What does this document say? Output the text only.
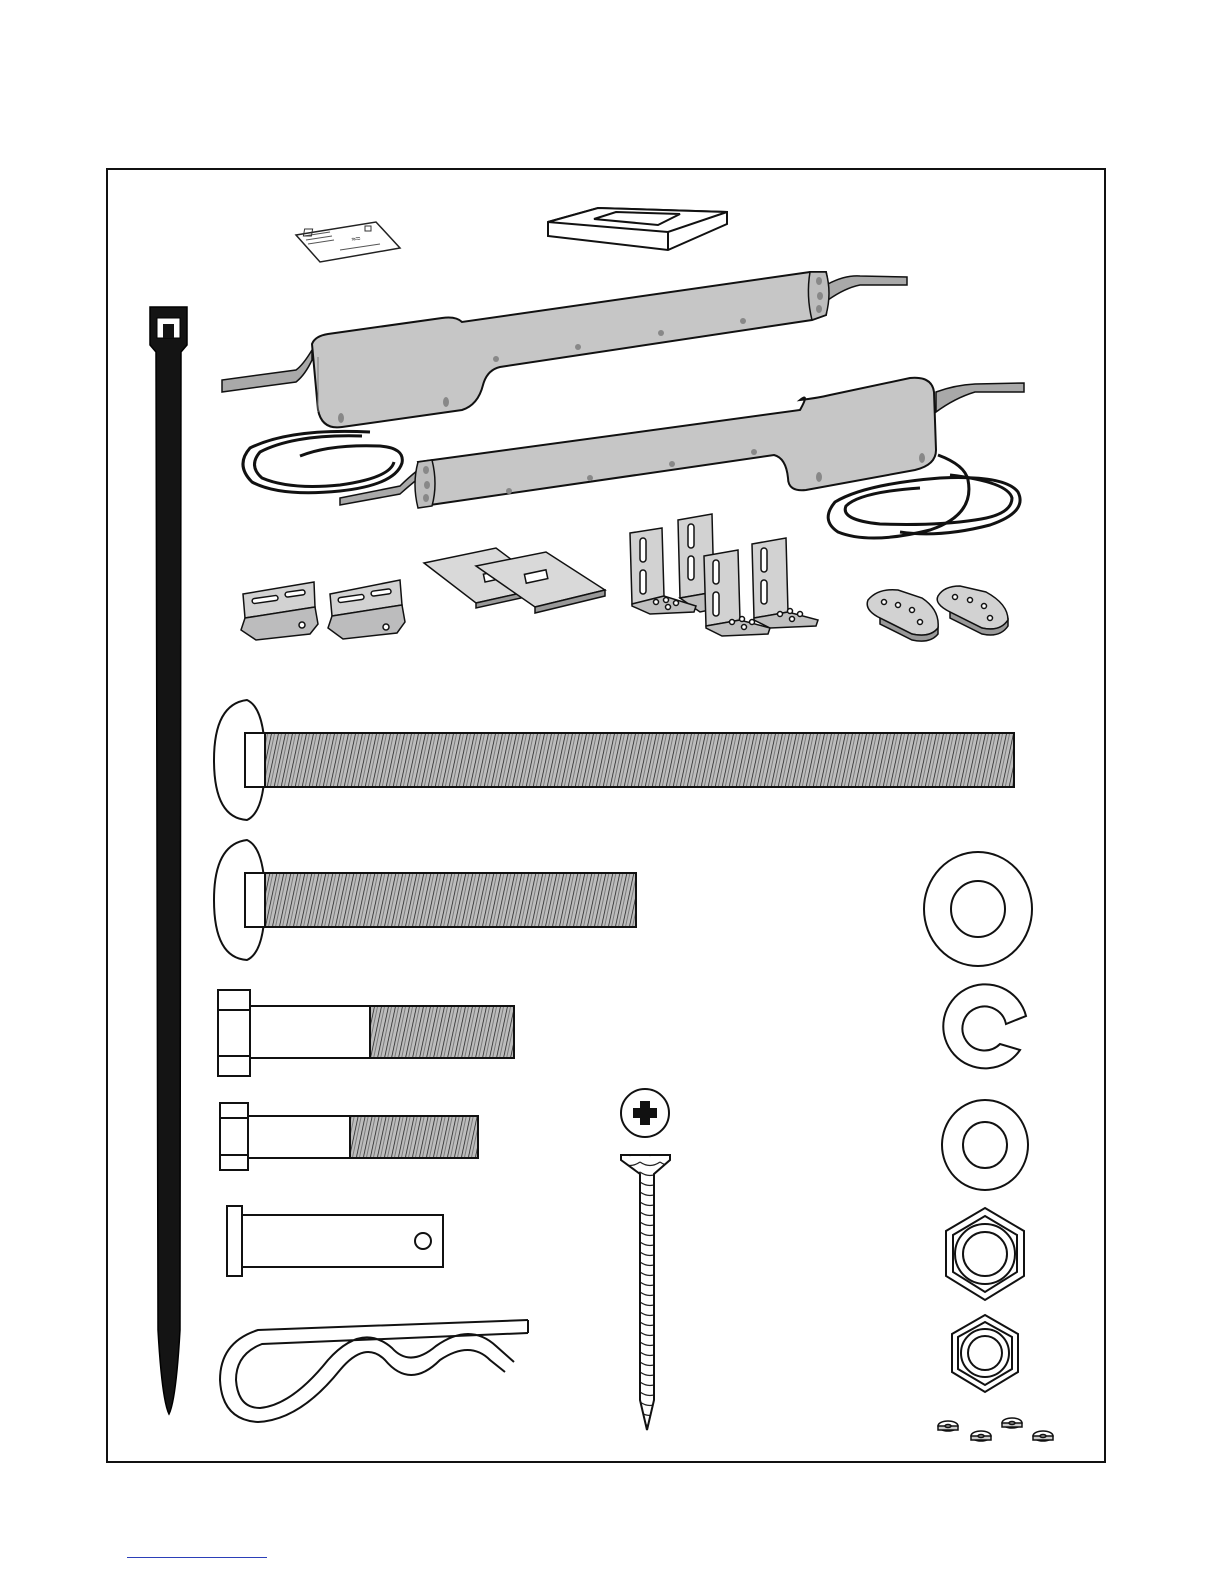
≈≈
